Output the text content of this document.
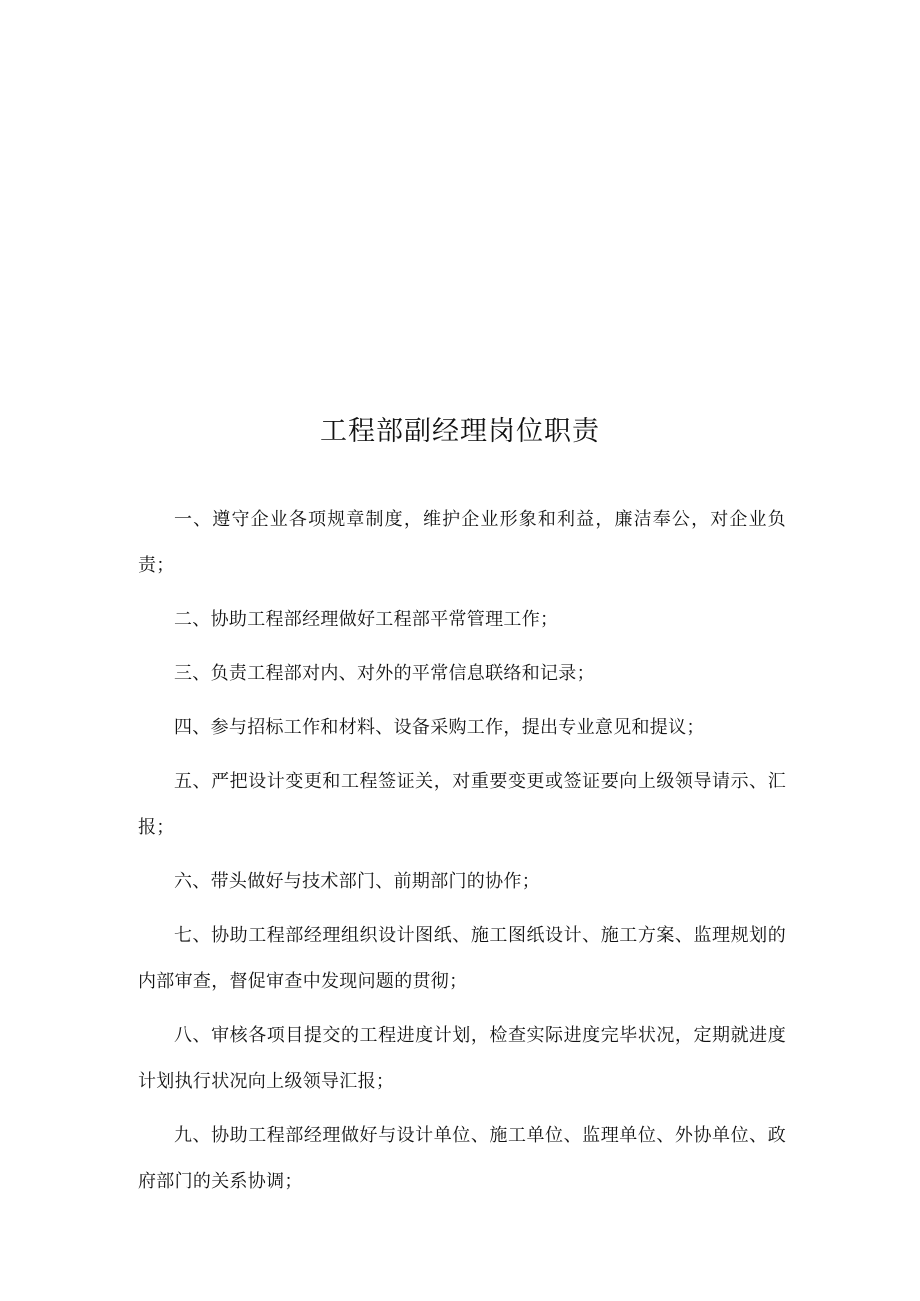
工程部副经理岗位职责

一、遵守企业各项规章制度，维护企业形象和利益，廉洁奉公，对企业负责；

二、协助工程部经理做好工程部平常管理工作；

三、负责工程部对内、对外的平常信息联络和记录；

四、参与招标工作和材料、设备采购工作，提出专业意见和提议；

五、严把设计变更和工程签证关，对重要变更或签证要向上级领导请示、汇报；

六、带头做好与技术部门、前期部门的协作；

七、协助工程部经理组织设计图纸、施工图纸设计、施工方案、监理规划的内部审查，督促审查中发现问题的贯彻；

八、审核各项目提交的工程进度计划，检查实际进度完毕状况，定期就进度计划执行状况向上级领导汇报；

九、协助工程部经理做好与设计单位、施工单位、监理单位、外协单位、政府部门的关系协调；
